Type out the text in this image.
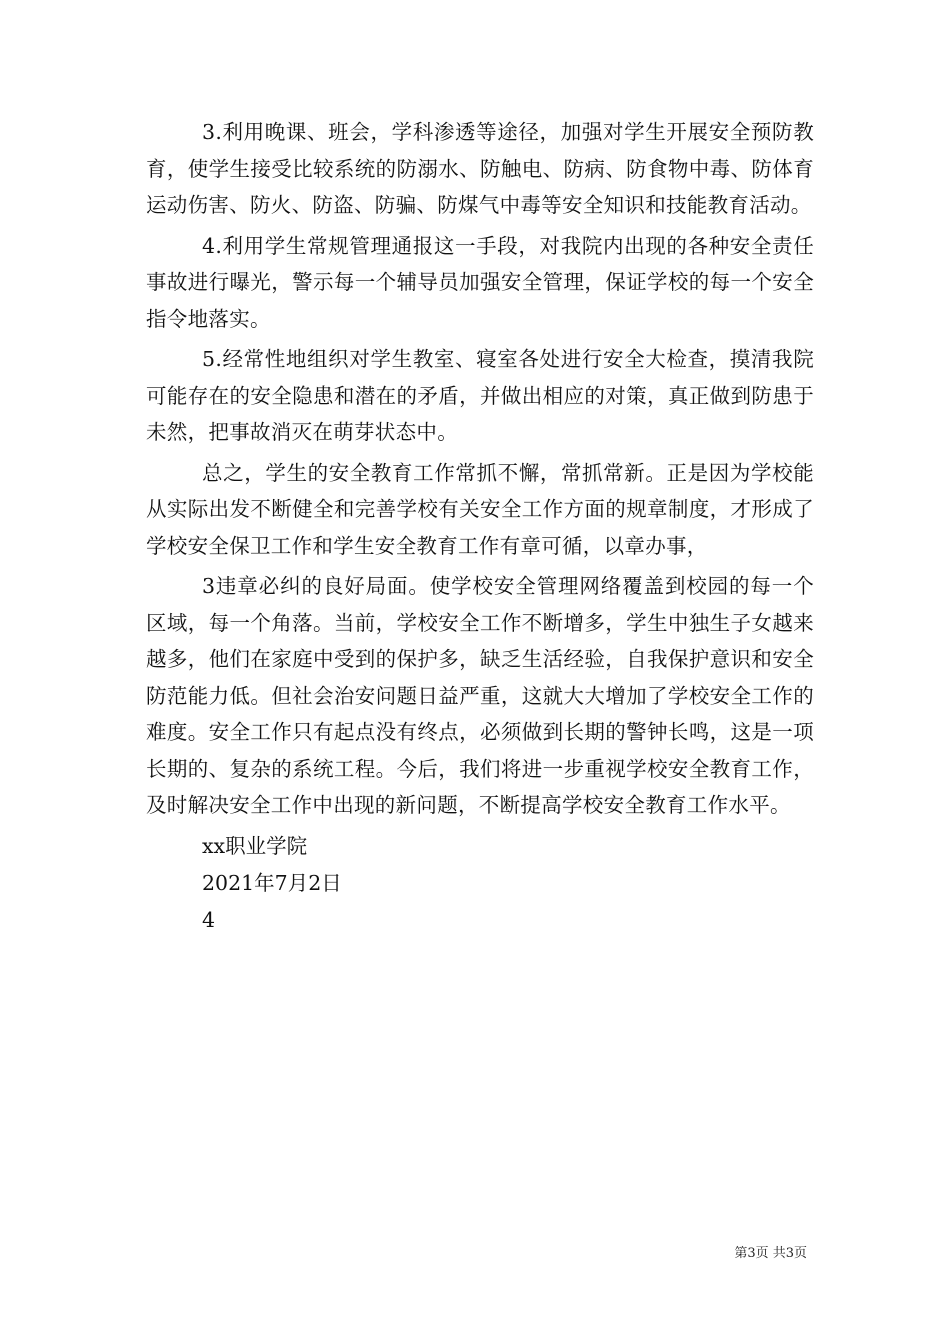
3.利用晚课、班会，学科渗透等途径，加强对学生开展安全预防教育，使学生接受比较系统的防溺水、防触电、防病、防食物中毒、防体育运动伤害、防火、防盗、防骗、防煤气中毒等安全知识和技能教育活动。

4.利用学生常规管理通报这一手段，对我院内出现的各种安全责任事故进行曝光，警示每一个辅导员加强安全管理，保证学校的每一个安全指令地落实。

5.经常性地组织对学生教室、寝室各处进行安全大检查，摸清我院可能存在的安全隐患和潜在的矛盾，并做出相应的对策，真正做到防患于未然，把事故消灭在萌芽状态中。

总之，学生的安全教育工作常抓不懈，常抓常新。正是因为学校能从实际出发不断健全和完善学校有关安全工作方面的规章制度，才形成了学校安全保卫工作和学生安全教育工作有章可循，以章办事，

3违章必纠的良好局面。使学校安全管理网络覆盖到校园的每一个区域，每一个角落。当前，学校安全工作不断增多，学生中独生子女越来越多，他们在家庭中受到的保护多，缺乏生活经验，自我保护意识和安全防范能力低。但社会治安问题日益严重，这就大大增加了学校安全工作的难度。安全工作只有起点没有终点，必须做到长期的警钟长鸣，这是一项长期的、复杂的系统工程。今后，我们将进一步重视学校安全教育工作，及时解决安全工作中出现的新问题，不断提高学校安全教育工作水平。

xx职业学院

2021年7月2日

4

第3页 共3页
